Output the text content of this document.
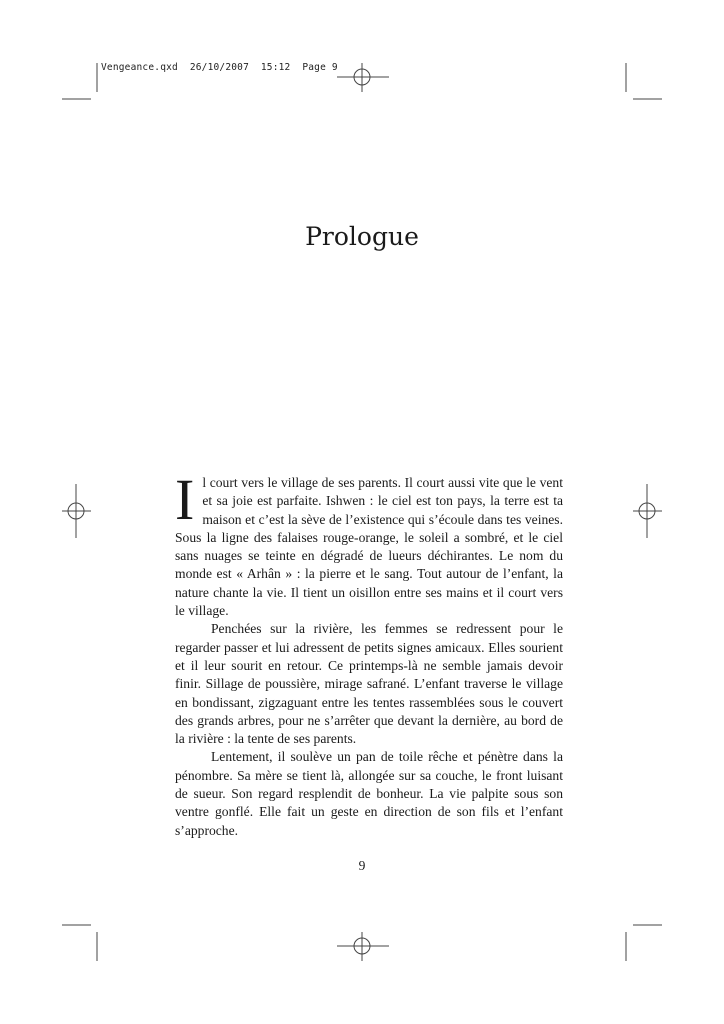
Vengeance.qxd 26/10/2007 15:12 Page 9
Prologue

Il court vers le village de ses parents. Il court aussi vite que le vent et sa joie est parfaite. Ishwen : le ciel est ton pays, la terre est ta maison et c’est la sève de l’existence qui s’écoule dans tes veines. Sous la ligne des falaises rouge-orange, le soleil a sombré, et le ciel sans nuages se teinte en dégradé de lueurs déchirantes. Le nom du monde est « Arhân » : la pierre et le sang. Tout autour de l’enfant, la nature chante la vie. Il tient un oisillon entre ses mains et il court vers le village.

Penchées sur la rivière, les femmes se redressent pour le regarder passer et lui adressent de petits signes amicaux. Elles sourient et il leur sourit en retour. Ce printemps-là ne semble jamais devoir finir. Sillage de poussière, mirage safrané. L’enfant traverse le village en bondissant, zigzaguant entre les tentes rassemblées sous le couvert des grands arbres, pour ne s’arrêter que devant la dernière, au bord de la rivière : la tente de ses parents.

Lentement, il soulève un pan de toile rêche et pénètre dans la pénombre. Sa mère se tient là, allongée sur sa couche, le front luisant de sueur. Son regard resplendit de bonheur. La vie palpite sous son ventre gonflé. Elle fait un geste en direction de son fils et l’enfant s’approche.

9
